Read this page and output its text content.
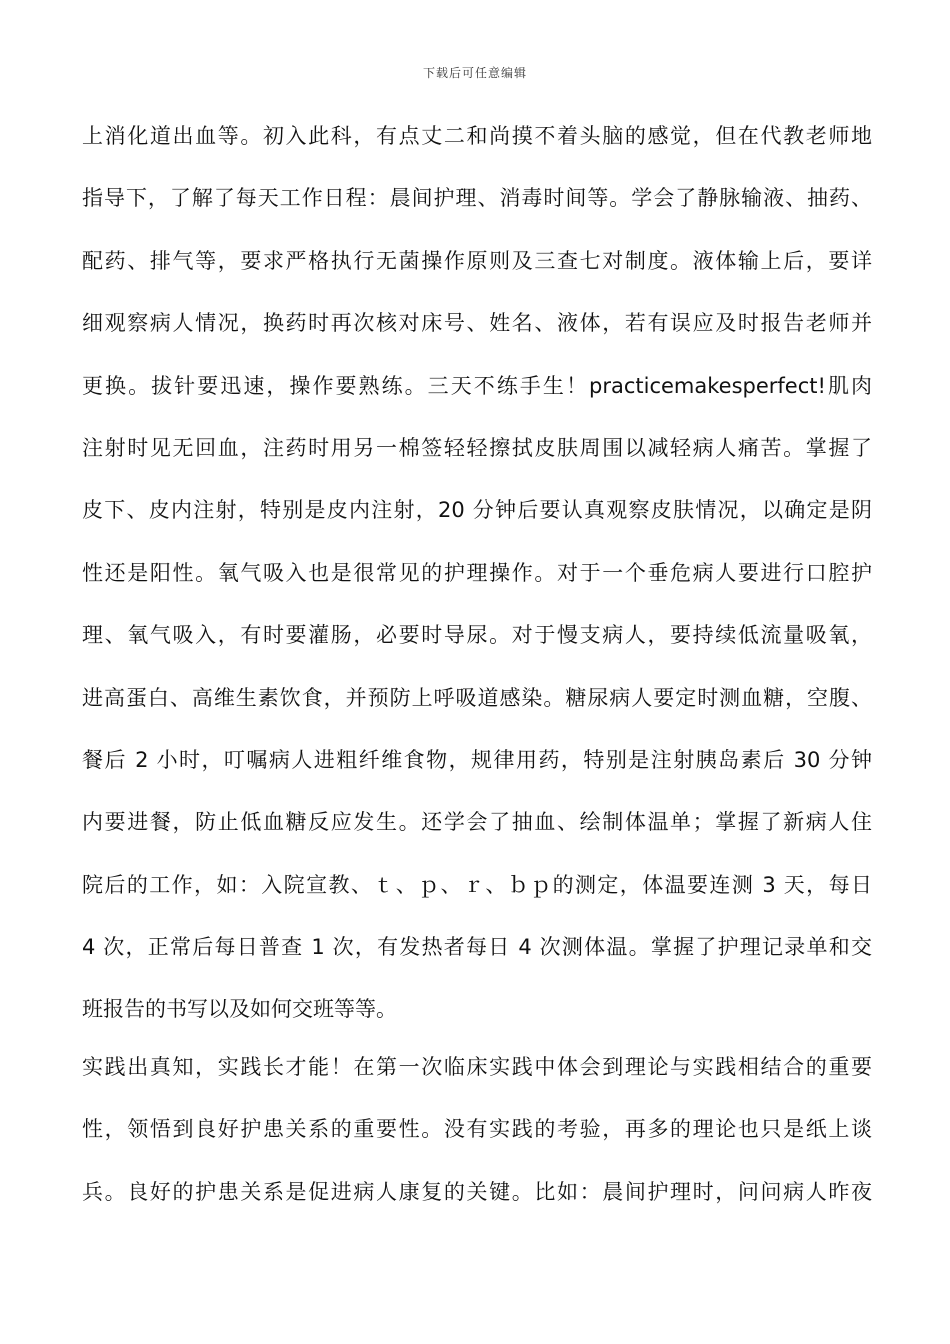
下载后可任意编辑
上消化道出血等。初入此科，有点丈二和尚摸不着头脑的感觉，但在代教老师地
指导下，了解了每天工作日程：晨间护理、消毒时间等。学会了静脉输液、抽药、
配药、排气等，要求严格执行无菌操作原则及三查七对制度。液体输上后，要详
细观察病人情况，换药时再次核对床号、姓名、液体，若有误应及时报告老师并
更换。拔针要迅速，操作要熟练。三天不练手生！practicemakesperfect!肌肉
注射时见无回血，注药时用另一棉签轻轻擦拭皮肤周围以减轻病人痛苦。掌握了
皮下、皮内注射，特别是皮内注射，20 分钟后要认真观察皮肤情况，以确定是阴
性还是阳性。氧气吸入也是很常见的护理操作。对于一个垂危病人要进行口腔护
理、氧气吸入，有时要灌肠，必要时导尿。对于慢支病人，要持续低流量吸氧，
进高蛋白、高维生素饮食，并预防上呼吸道感染。糖尿病人要定时测血糖，空腹、
餐后 2 小时，叮嘱病人进粗纤维食物，规律用药，特别是注射胰岛素后 30 分钟
内要进餐，防止低血糖反应发生。还学会了抽血、绘制体温单；掌握了新病人住
院后的工作，如：入院宣教、ｔ、ｐ、ｒ、ｂｐ的测定，体温要连测 3 天，每日
4 次，正常后每日普查 1 次，有发热者每日 4 次测体温。掌握了护理记录单和交
班报告的书写以及如何交班等等。
实践出真知，实践长才能！在第一次临床实践中体会到理论与实践相结合的重要
性，领悟到良好护患关系的重要性。没有实践的考验，再多的理论也只是纸上谈
兵。良好的护患关系是促进病人康复的关键。比如：晨间护理时，问问病人昨夜
